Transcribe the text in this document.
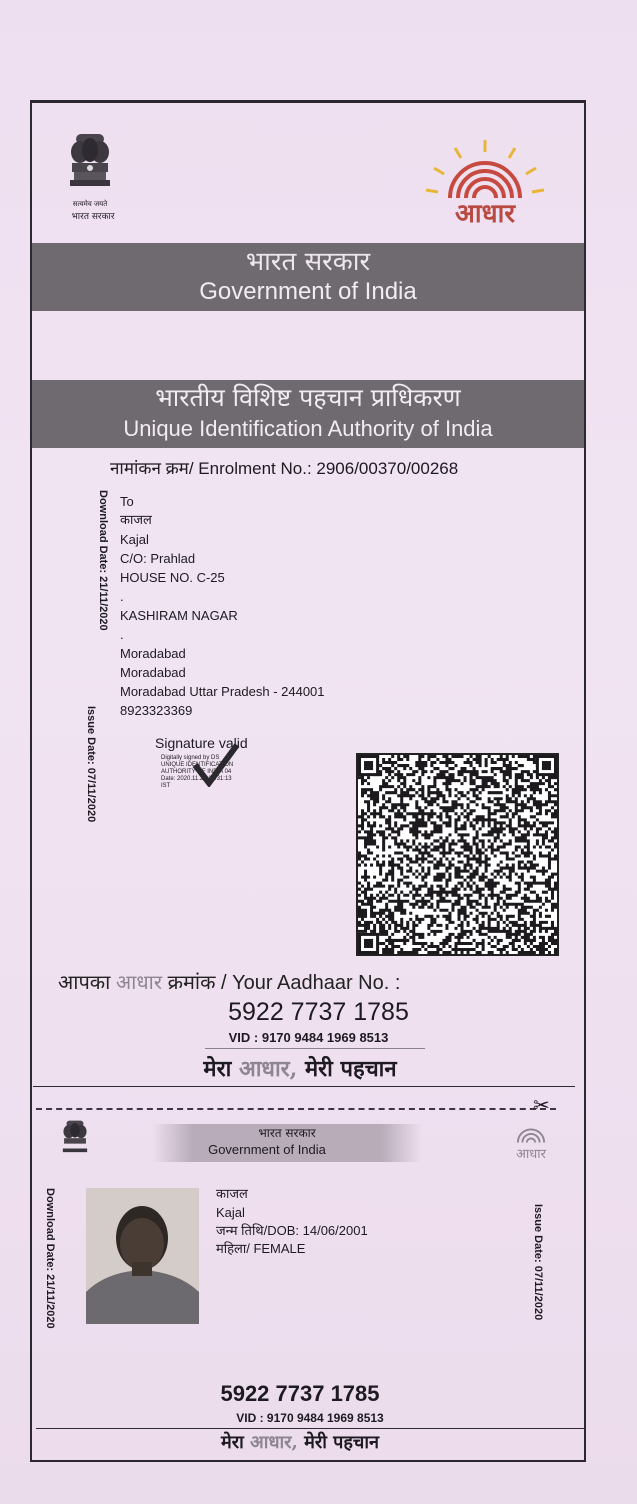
सत्यमेव जयते
भारत सरकार	आधार
भारत सरकार
Government of India
भारतीय विशिष्ट पहचान प्राधिकरण
Unique Identification Authority of India
नामांकन क्रम/ Enrolment No.: 2906/00370/00268
Download Date: 21/11/2020
Issue Date: 07/11/2020
To
काजल
Kajal
C/O: Prahlad
HOUSE NO. C-25
.
KASHIRAM NAGAR
.
Moradabad
Moradabad
Moradabad Uttar Pradesh - 244001
8923323369
Signature valid
Digitally signed by DS
UNIQUE IDENTIFICATION
AUTHORITY OF INDIA 04
Date: 2020.11.21 18:31:13
IST
आपका आधार क्रमांक / Your Aadhaar No. :
5922 7737 1785
VID : 9170 9484 1969 8513
मेरा आधार, मेरी पहचान
✂
भारत सरकार
Government of India	आधार
काजल
Kajal
जन्म तिथि/DOB: 14/06/2001
महिला/ FEMALE
Download Date: 21/11/2020	Issue Date: 07/11/2020
5922 7737 1785
VID : 9170 9484 1969 8513
मेरा आधार, मेरी पहचान
